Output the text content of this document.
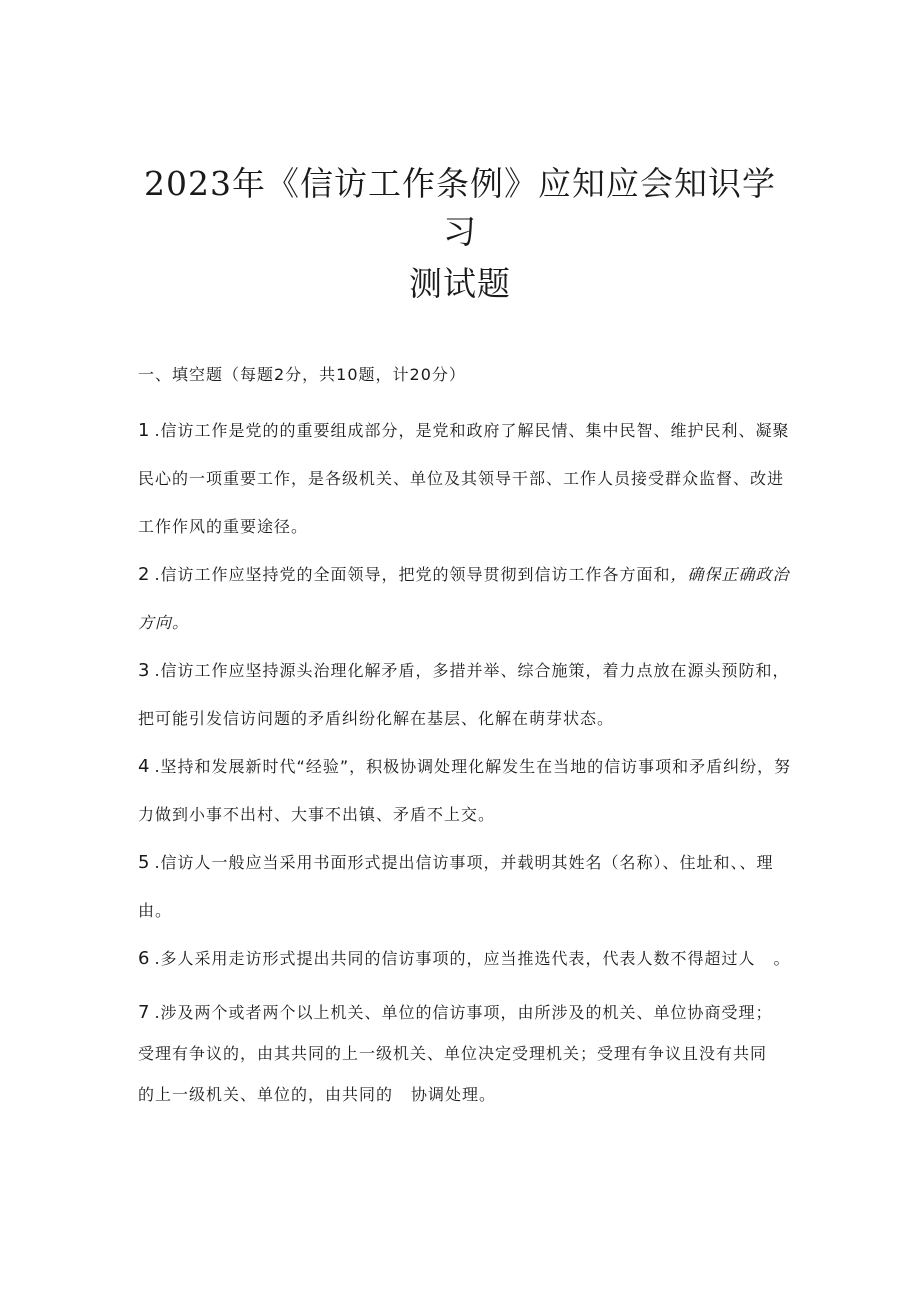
2023年《信访工作条例》应知应会知识学
习
测试题
一、填空题（每题2分，共10题，计20分）

1 .信访工作是党的的重要组成部分，是党和政府了解民情、集中民智、维护民利、凝聚民心的一项重要工作，是各级机关、单位及其领导干部、工作人员接受群众监督、改进工作作风的重要途径。

2 .信访工作应坚持党的全面领导，把党的领导贯彻到信访工作各方面和，确保正确政治方向。

3 .信访工作应坚持源头治理化解矛盾，多措并举、综合施策，着力点放在源头预防和，把可能引发信访问题的矛盾纠纷化解在基层、化解在萌芽状态。

4 .坚持和发展新时代“经验”，积极协调处理化解发生在当地的信访事项和矛盾纠纷，努力做到小事不出村、大事不出镇、矛盾不上交。

5 .信访人一般应当采用书面形式提出信访事项，并载明其姓名（名称）、住址和、、理由。

6 .多人采用走访形式提出共同的信访事项的，应当推选代表，代表人数不得超过人 。

7 .涉及两个或者两个以上机关、单位的信访事项，由所涉及的机关、单位协商受理；

受理有争议的，由其共同的上一级机关、单位决定受理机关；受理有争议且没有共同

的上一级机关、单位的，由共同的 协调处理。
